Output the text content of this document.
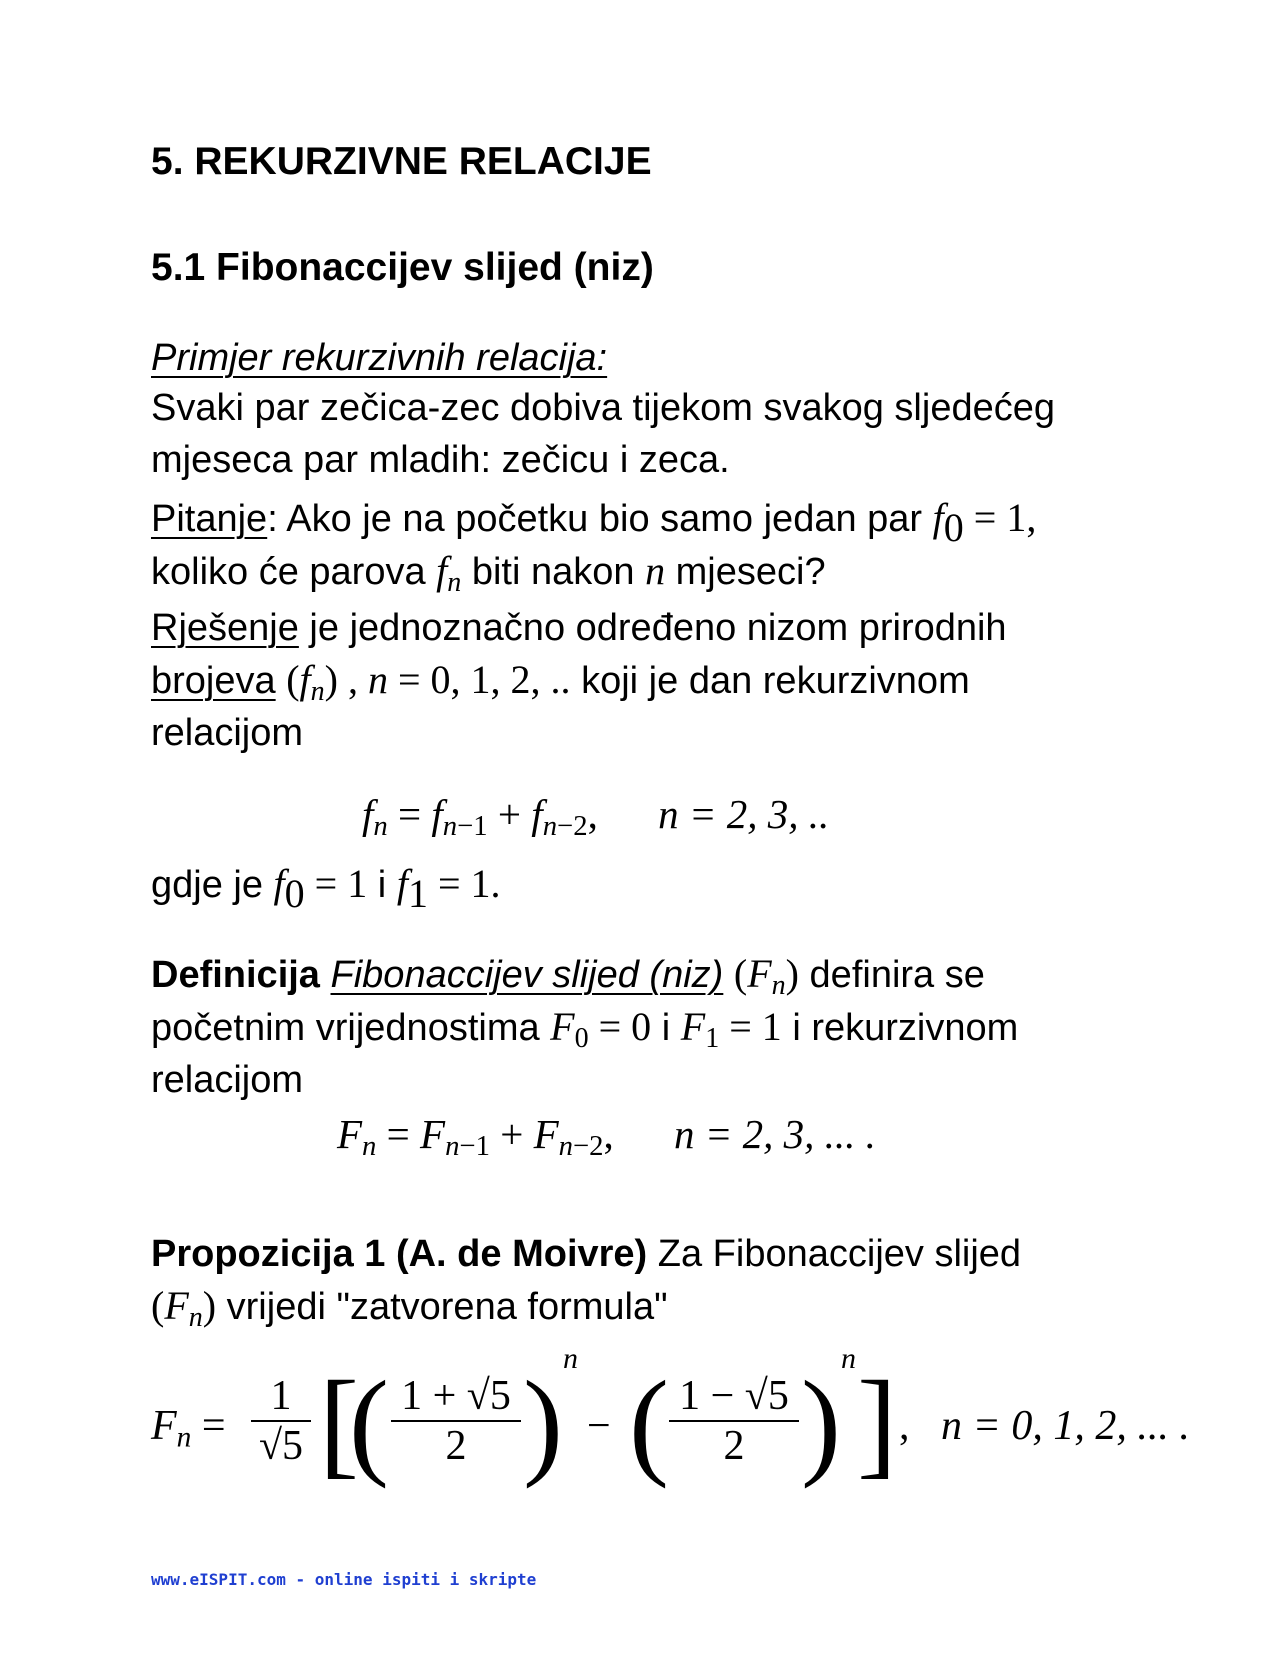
5. REKURZIVNE RELACIJE
5.1 Fibonaccijev slijed (niz)
Primjer rekurzivnih relacija:
Svaki par zečica-zec dobiva tijekom svakog sljedećeg mjeseca par mladih: zečicu i zeca.
Pitanje: Ako je na početku bio samo jedan par $f_0 = 1$,
koliko će parova $f_n$ biti nakon n mjeseci?
Rješenje je jednoznačno određeno nizom prirodnih
brojeva $(f_n)$ , n = 0, 1, 2, .. koji je dan rekurzivnom
relacijom
$f_n = f_{n-1} + f_{n-2}$, n = 2, 3, ..
gdje je $f_0 = 1$ i $f_1 = 1$.
Definicija Fibonaccijev slijed (niz) $(F_n)$ definira se
početnim vrijednostima $F_0 = 0$ i $F_1 = 1$ i rekurzivnom
relacijom
$F_n = F_{n-1} + F_{n-2}$, n = 2, 3, ... .
Propozicija 1 (A. de Moivre) Za Fibonaccijev slijed
$(F_n)$ vrijedi "zatvorena formula"
$F_n = \frac{1}{√5}$ [
( $\frac{1 + √5}{2}$ ) n
− ( $\frac{1 - √5}{2}$ ) n ] , n = 0, 1, 2, ... .
www.eISPIT.com - online ispiti i skripte
